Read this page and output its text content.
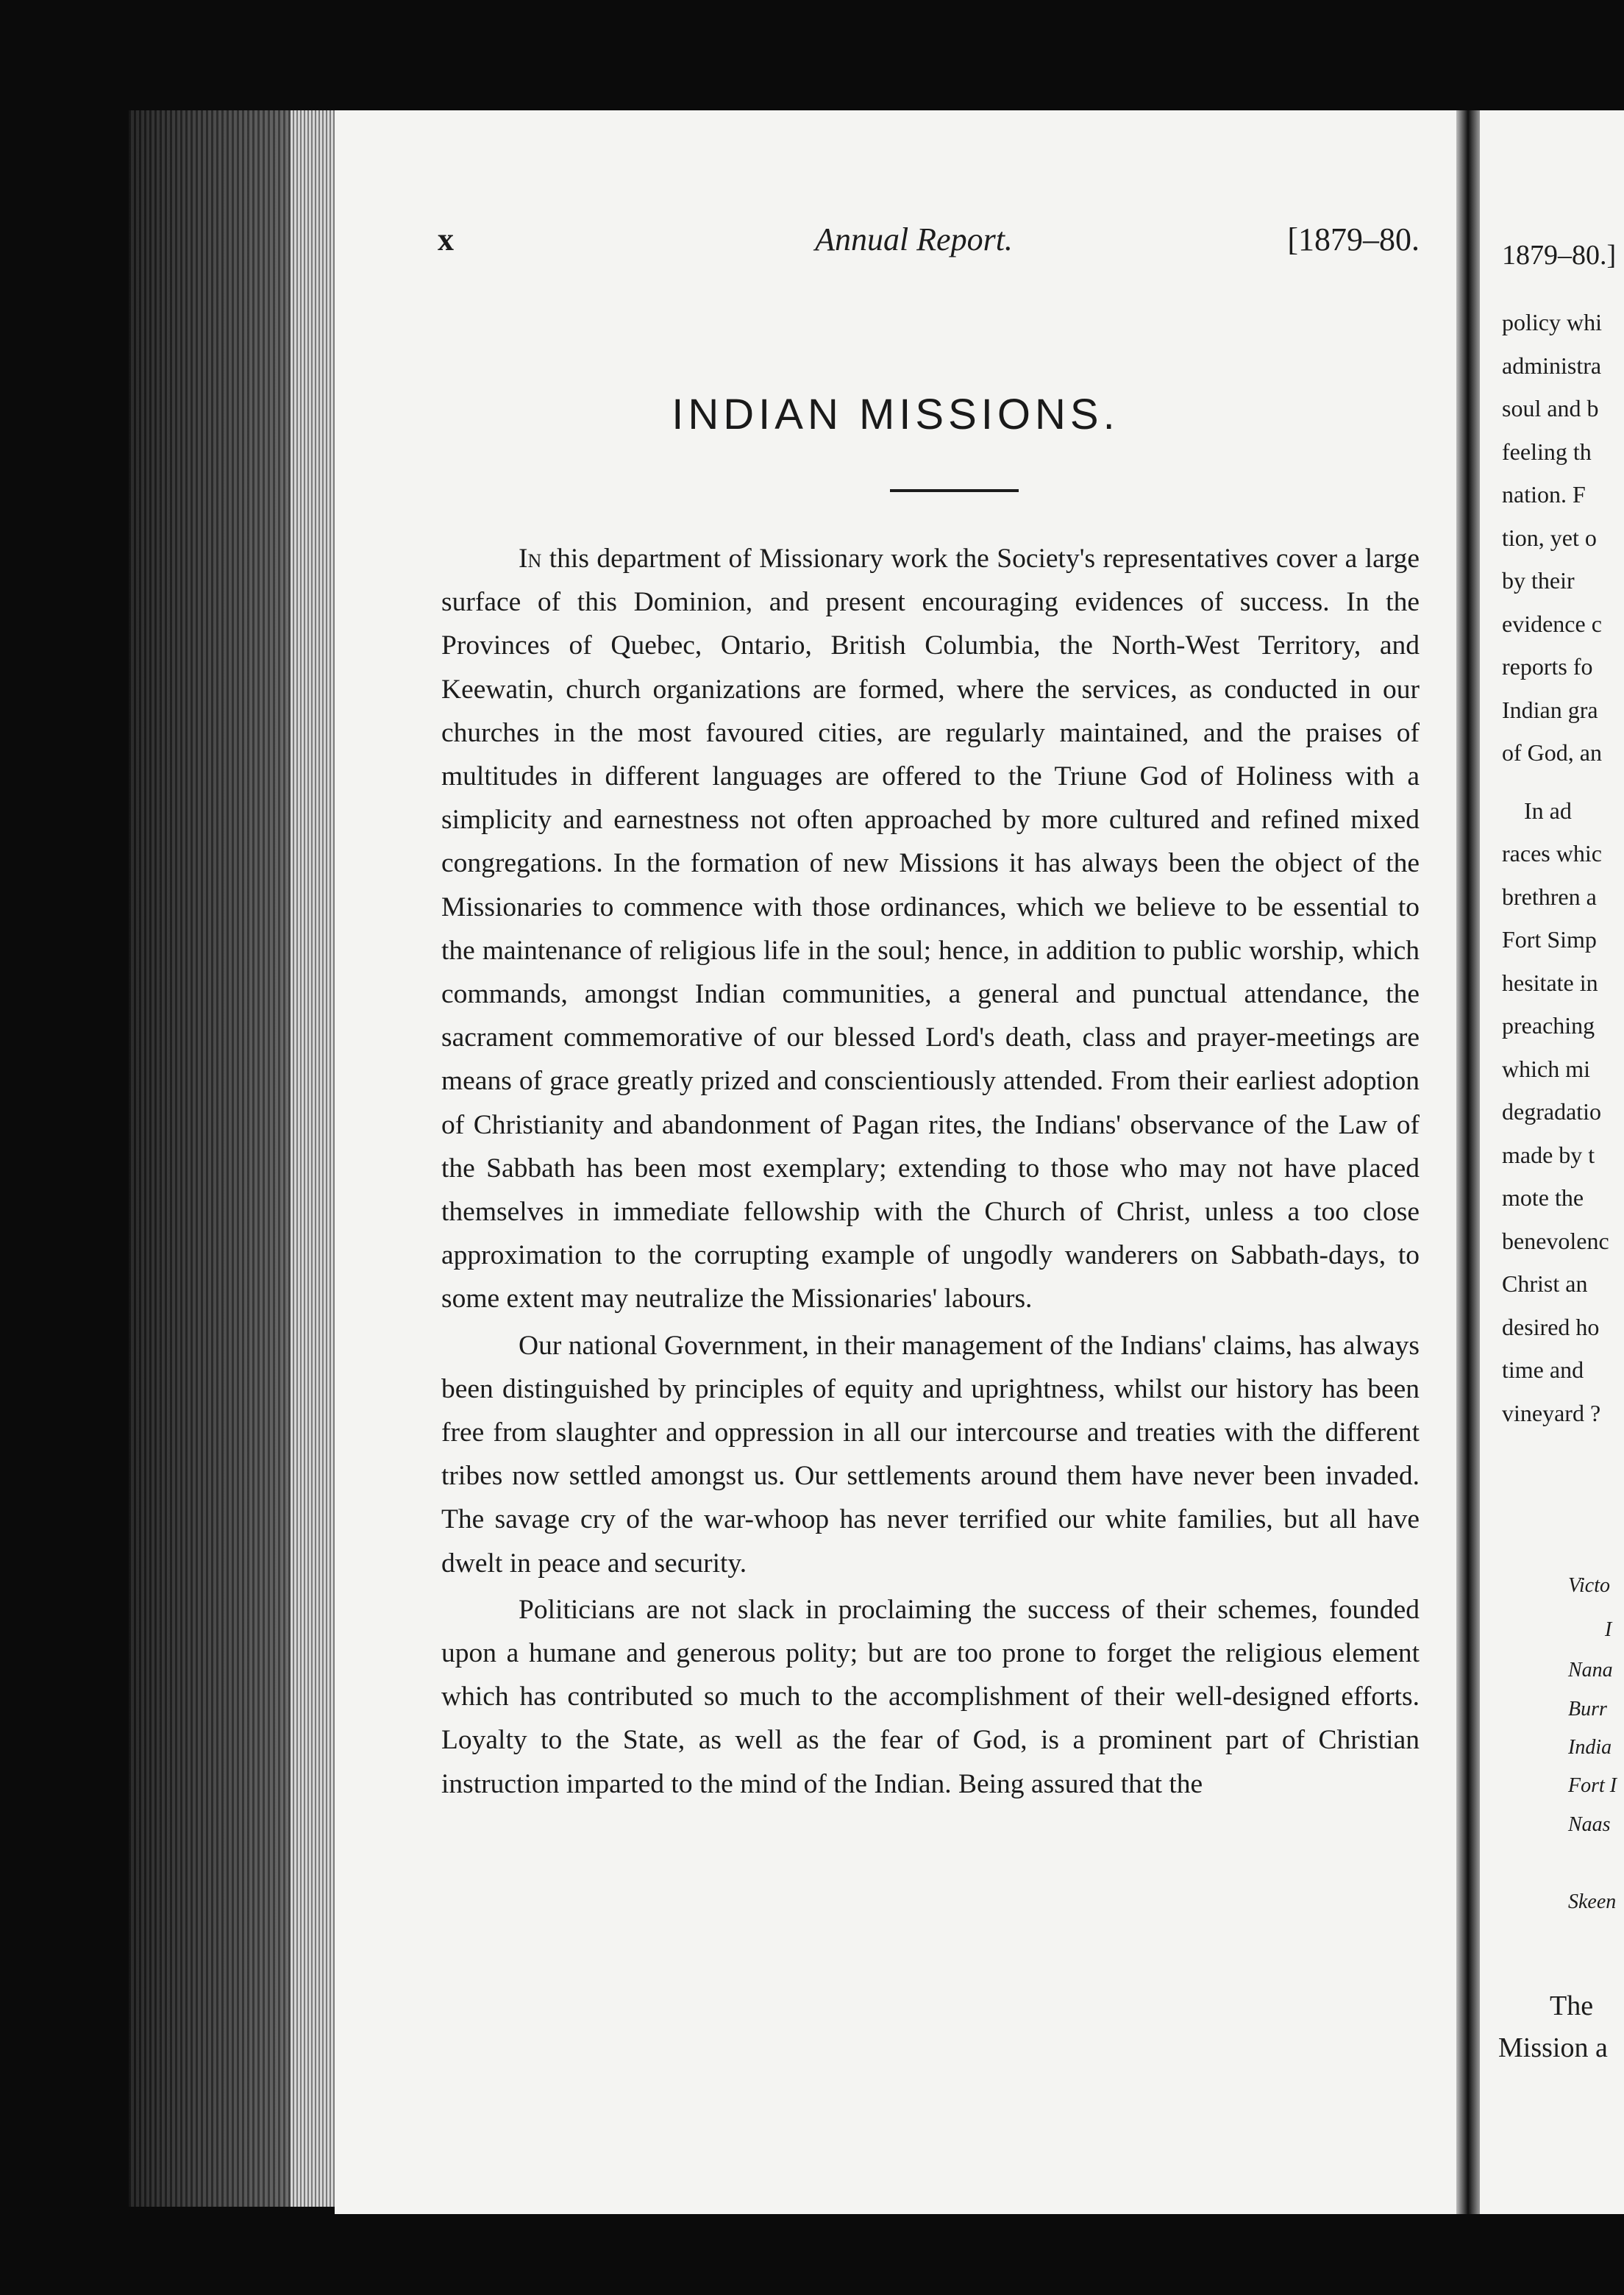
x	Annual Report.	[1879–80.
INDIAN MISSIONS.

In this department of Missionary work the Society's representatives cover a large surface of this Dominion, and present encouraging evidences of success. In the Provinces of Quebec, Ontario, British Columbia, the North-West Territory, and Keewatin, church organizations are formed, where the services, as conducted in our churches in the most favoured cities, are regularly maintained, and the praises of multitudes in different languages are offered to the Triune God of Holiness with a simplicity and earnestness not often approached by more cultured and refined mixed congregations. In the formation of new Missions it has always been the object of the Missionaries to commence with those ordinances, which we believe to be essential to the maintenance of religious life in the soul; hence, in addition to public worship, which commands, amongst Indian communities, a general and punctual attendance, the sacrament commemorative of our blessed Lord's death, class and prayer-meetings are means of grace greatly prized and conscientiously attended. From their earliest adoption of Christianity and abandonment of Pagan rites, the Indians' observance of the Law of the Sabbath has been most exemplary; extending to those who may not have placed themselves in immediate fellowship with the Church of Christ, unless a too close approximation to the corrupting example of ungodly wanderers on Sabbath-days, to some extent may neutralize the Missionaries' labours.

Our national Government, in their management of the Indians' claims, has always been distinguished by principles of equity and uprightness, whilst our history has been free from slaughter and oppression in all our intercourse and treaties with the different tribes now settled amongst us. Our settlements around them have never been invaded. The savage cry of the war-whoop has never terrified our white families, but all have dwelt in peace and security.

Politicians are not slack in proclaiming the success of their schemes, founded upon a humane and generous polity; but are too prone to forget the religious element which has contributed so much to the accomplishment of their well-designed efforts. Loyalty to the State, as well as the fear of God, is a prominent part of Christian instruction imparted to the mind of the Indian. Being assured that the

1879–80.]
policy whi
administra
soul and b
feeling th
nation. F
tion, yet o
by their
evidence c
reports fo
Indian gra
of God, an
In ad
races whic
brethren a
Fort Simp
hesitate in
preaching
which mi
degradatio
made by t
mote the
benevolenc
Christ an
desired ho
time and
vineyard ?
Victo
I
Nana
Burr
India
Fort I
Naas
Skeen
The
Mission a
